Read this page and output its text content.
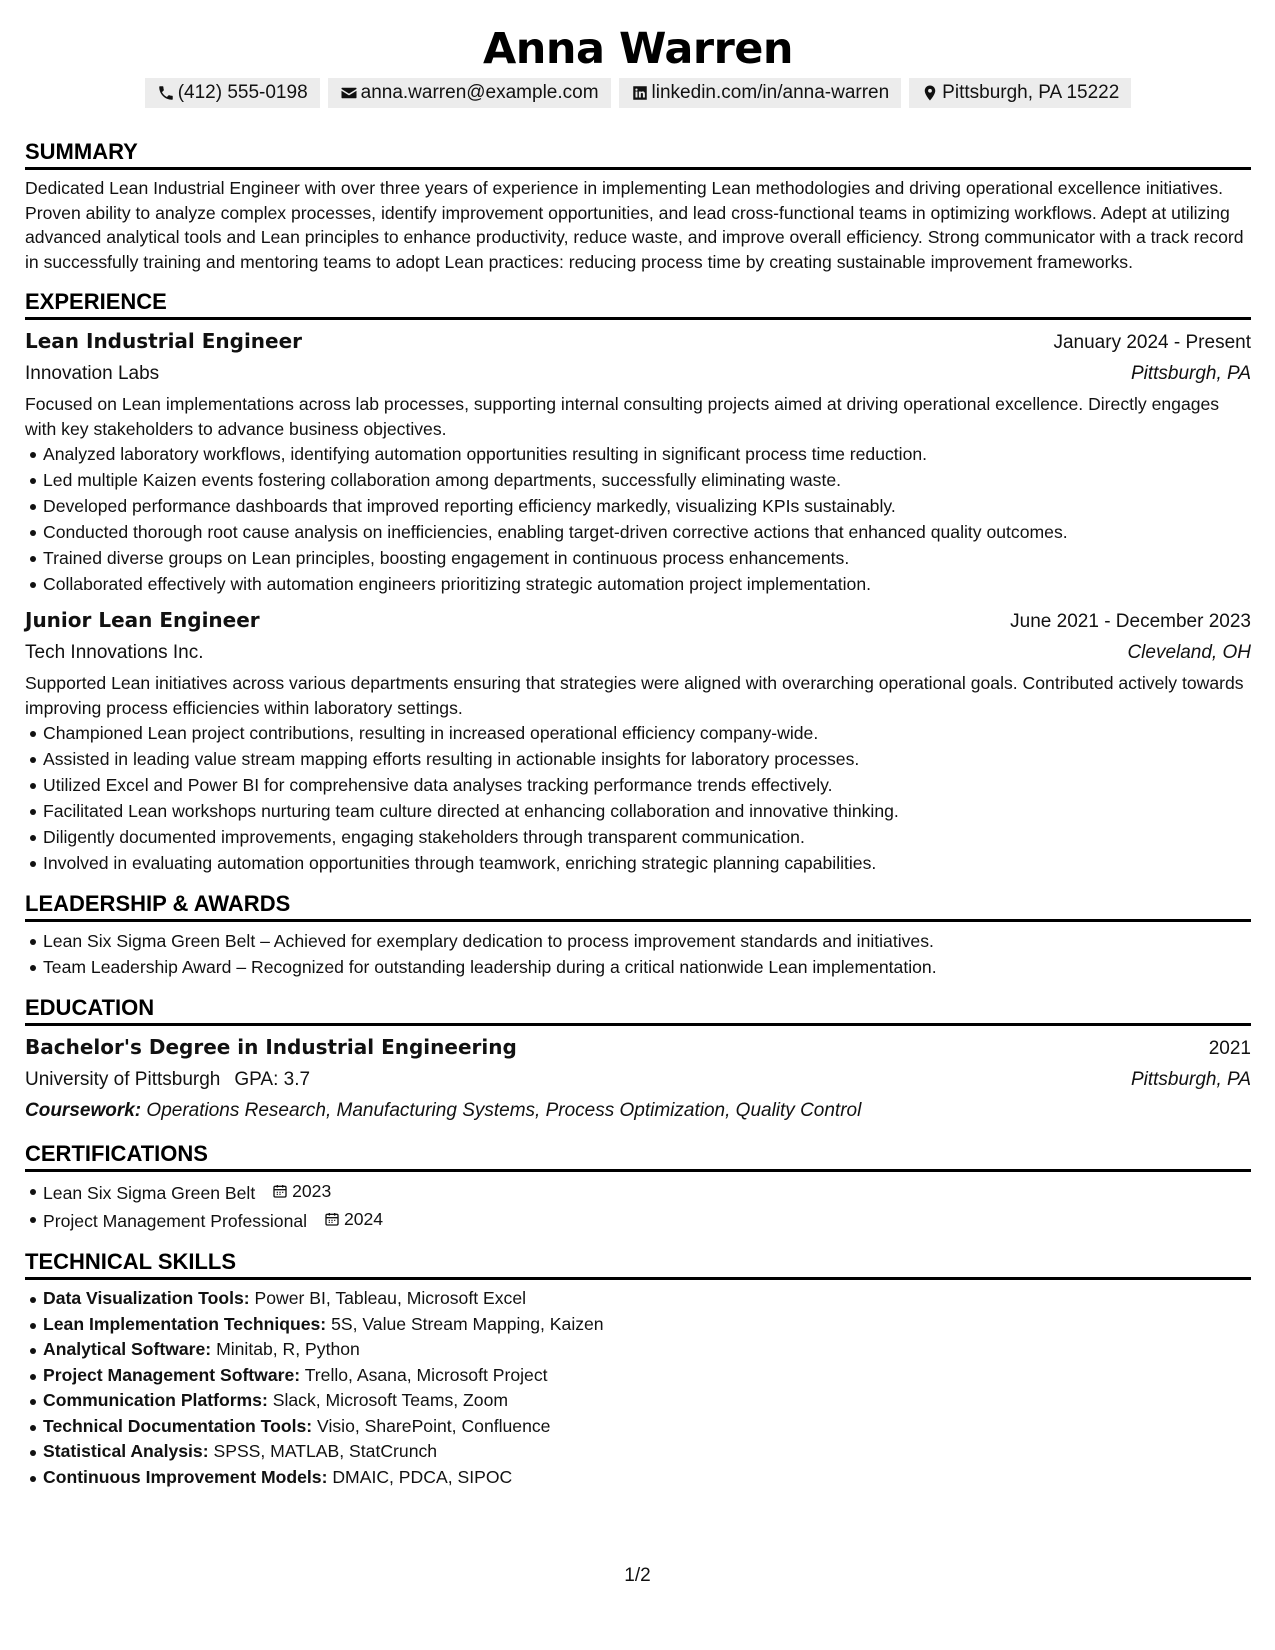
Anna Warren
(412) 555-0198	anna.warren@example.com	linkedin.com/in/anna-warren	Pittsburgh, PA 15222
SUMMARY

Dedicated Lean Industrial Engineer with over three years of experience in implementing Lean methodologies and driving operational excellence initiatives. Proven ability to analyze complex processes, identify improvement opportunities, and lead cross-functional teams in optimizing workflows. Adept at utilizing advanced analytical tools and Lean principles to enhance productivity, reduce waste, and improve overall efficiency. Strong communicator with a track record in successfully training and mentoring teams to adopt Lean practices: reducing process time by creating sustainable improvement frameworks.

EXPERIENCE
Lean Industrial Engineer	January 2024 - Present
Innovation Labs	Pittsburgh, PA

Focused on Lean implementations across lab processes, supporting internal consulting projects aimed at driving operational excellence. Directly engages with key stakeholders to advance business objectives.

Analyzed laboratory workflows, identifying automation opportunities resulting in significant process time reduction.
Led multiple Kaizen events fostering collaboration among departments, successfully eliminating waste.
Developed performance dashboards that improved reporting efficiency markedly, visualizing KPIs sustainably.
Conducted thorough root cause analysis on inefficiencies, enabling target-driven corrective actions that enhanced quality outcomes.
Trained diverse groups on Lean principles, boosting engagement in continuous process enhancements.
Collaborated effectively with automation engineers prioritizing strategic automation project implementation.
Junior Lean Engineer	June 2021 - December 2023
Tech Innovations Inc.	Cleveland, OH

Supported Lean initiatives across various departments ensuring that strategies were aligned with overarching operational goals. Contributed actively towards improving process efficiencies within laboratory settings.

Championed Lean project contributions, resulting in increased operational efficiency company-wide.
Assisted in leading value stream mapping efforts resulting in actionable insights for laboratory processes.
Utilized Excel and Power BI for comprehensive data analyses tracking performance trends effectively.
Facilitated Lean workshops nurturing team culture directed at enhancing collaboration and innovative thinking.
Diligently documented improvements, engaging stakeholders through transparent communication.
Involved in evaluating automation opportunities through teamwork, enriching strategic planning capabilities.
LEADERSHIP & AWARDS
Lean Six Sigma Green Belt – Achieved for exemplary dedication to process improvement standards and initiatives.
Team Leadership Award – Recognized for outstanding leadership during a critical nationwide Lean implementation.
EDUCATION
Bachelor's Degree in Industrial Engineering	2021
University of Pittsburgh GPA: 3.7	Pittsburgh, PA
Coursework: Operations Research, Manufacturing Systems, Process Optimization, Quality Control
CERTIFICATIONS
Lean Six Sigma Green Belt 2023
Project Management Professional 2024
TECHNICAL SKILLS
Data Visualization Tools: Power BI, Tableau, Microsoft Excel
Lean Implementation Techniques: 5S, Value Stream Mapping, Kaizen
Analytical Software: Minitab, R, Python
Project Management Software: Trello, Asana, Microsoft Project
Communication Platforms: Slack, Microsoft Teams, Zoom
Technical Documentation Tools: Visio, SharePoint, Confluence
Statistical Analysis: SPSS, MATLAB, StatCrunch
Continuous Improvement Models: DMAIC, PDCA, SIPOC
1/2
